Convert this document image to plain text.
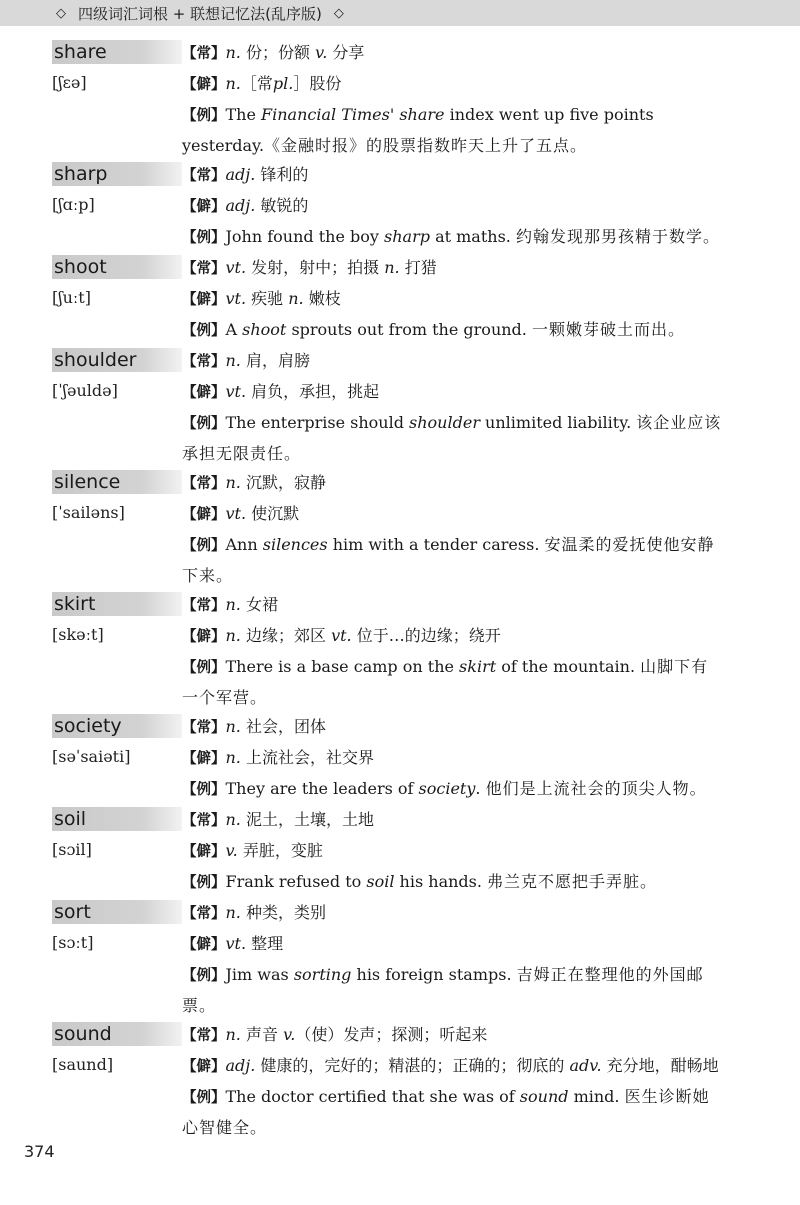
◇ 四级词汇词根 + 联想记忆法(乱序版) ◇
share	【常】n. 份；份额 v. 分享
[ʃɛə]	【僻】n.［常pl.］股份
【例】The Financial Times' share index went up five points yesterday.《金融时报》的股票指数昨天上升了五点。
sharp	【常】adj. 锋利的
[ʃɑːp]	【僻】adj. 敏锐的
【例】John found the boy sharp at maths. 约翰发现那男孩精于数学。
shoot	【常】vt. 发射，射中；拍摄 n. 打猎
[ʃuːt]	【僻】vt. 疾驰 n. 嫩枝
【例】A shoot sprouts out from the ground. 一颗嫩芽破土而出。
shoulder	【常】n. 肩，肩膀
[ˈʃəuldə]	【僻】vt. 肩负，承担，挑起
【例】The enterprise should shoulder unlimited liability. 该企业应该承担无限责任。
silence	【常】n. 沉默，寂静
[ˈsailəns]	【僻】vt. 使沉默
【例】Ann silences him with a tender caress. 安温柔的爱抚使他安静下来。
skirt	【常】n. 女裙
[skəːt]	【僻】n. 边缘；郊区 vt. 位于…的边缘；绕开
【例】There is a base camp on the skirt of the mountain. 山脚下有一个军营。
society	【常】n. 社会，团体
[səˈsaiəti]	【僻】n. 上流社会，社交界
【例】They are the leaders of society. 他们是上流社会的顶尖人物。
soil	【常】n. 泥土，土壤，土地
[sɔil]	【僻】v. 弄脏，变脏
【例】Frank refused to soil his hands. 弗兰克不愿把手弄脏。
sort	【常】n. 种类，类别
[sɔːt]	【僻】vt. 整理
【例】Jim was sorting his foreign stamps. 吉姆正在整理他的外国邮票。
sound	【常】n. 声音 v.（使）发声；探测；听起来
[saund]	【僻】adj. 健康的，完好的；精湛的；正确的；彻底的 adv. 充分地，酣畅地
【例】The doctor certified that she was of sound mind. 医生诊断她心智健全。
374
